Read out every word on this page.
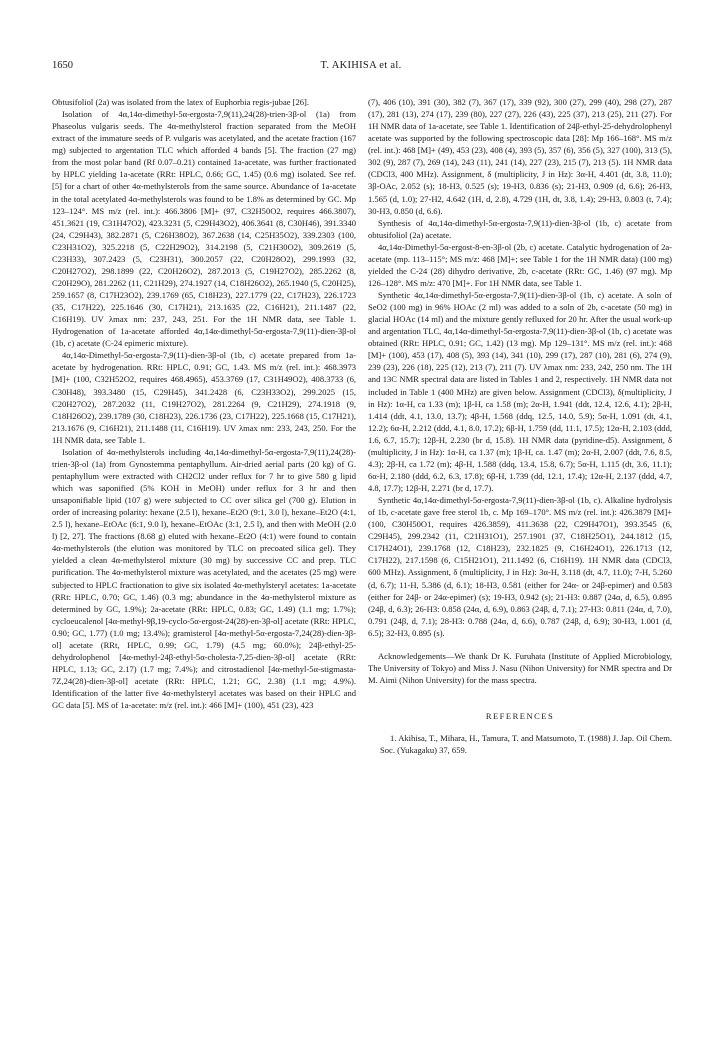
1650	T. AKIHISA et al.

Obtusifoliol (2a) was isolated from the latex of Euphorbia regis-jubae [26].

Isolation of 4α,14α-dimethyl-5α-ergosta-7,9(11),24(28)-trien-3β-ol (1a) from Phaseolus vulgaris seeds. The 4α-methylsterol fraction separated from the MeOH extract of the immature seeds of P. vulgaris was acetylated, and the acetate fraction (167 mg) subjected to argentation TLC which afforded 4 bands [5]. The fraction (27 mg) from the most polar band (Rf 0.07–0.21) contained 1a-acetate, was further fractionated by HPLC yielding 1a-acetate (RRt: HPLC, 0.66; GC, 1.45) (0.6 mg) isolated. See ref. [5] for a chart of other 4α-methylsterols from the same source. Abundance of 1a-acetate in the total acetylated 4α-methylsterols was found to be 1.8% as determined by GC. Mp 123–124°. MS m/z (rel. int.): 466.3806 [M]+ (97, C32H50O2, requires 466.3807), 451.3621 (19, C31H47O2), 423.3231 (5, C29H43O2), 406.3641 (8, C30H46), 391.3340 (24, C29H43), 382.2871 (5, C26H38O2), 367.2638 (14, C25H35O2), 339.2303 (100, C23H31O2), 325.2218 (5, C22H29O2), 314.2198 (5, C21H30O2), 309.2619 (5, C23H33), 307.2423 (5, C23H31), 300.2057 (22, C20H28O2), 299.1993 (32, C20H27O2), 298.1899 (22, C20H26O2), 287.2013 (5, C19H27O2), 285.2262 (8, C20H29O), 281.2262 (11, C21H29), 274.1927 (14, C18H26O2), 265.1940 (5, C20H25), 259.1657 (8, C17H23O2), 239.1769 (65, C18H23), 227.1779 (22, C17H23), 226.1723 (35, C17H22), 225.1646 (30, C17H21), 213.1635 (22, C16H21), 211.1487 (22, C16H19). UV λmax nm: 237, 243, 251. For the 1H NMR data, see Table 1. Hydrogenation of 1a-acetate afforded 4α,14α-dimethyl-5α-ergosta-7,9(11)-dien-3β-ol (1b, c) acetate (C-24 epimeric mixture).

4α,14α-Dimethyl-5α-ergosta-7,9(11)-dien-3β-ol (1b, c) acetate prepared from 1a-acetate by hydrogenation. RRt: HPLC, 0.91; GC, 1.43. MS m/z (rel. int.): 468.3973 [M]+ (100, C32H52O2, requires 468.4965), 453.3769 (17, C31H49O2), 408.3733 (6, C30H48), 393.3480 (15, C29H45), 341.2428 (6, C23H33O2), 299.2025 (15, C20H27O2), 287.2032 (11, C19H27O2), 281.2264 (9, C21H29), 274.1918 (9, C18H26O2), 239.1789 (30, C18H23), 226.1736 (23, C17H22), 225.1668 (15, C17H21), 213.1676 (9, C16H21), 211.1488 (11, C16H19). UV λmax nm: 233, 243, 250. For the 1H NMR data, see Table 1.

Isolation of 4α-methylsterols including 4α,14α-dimethyl-5α-ergosta-7,9(11),24(28)-trien-3β-ol (1a) from Gynostemma pentaphyllum. Air-dried aerial parts (20 kg) of G. pentaphyllum were extracted with CH2Cl2 under reflux for 7 hr to give 580 g lipid which was saponified (5% KOH in MeOH) under reflux for 3 hr and then unsaponifiable lipid (107 g) were subjected to CC over silica gel (700 g). Elution in order of increasing polarity: hexane (2.5 l), hexane–Et2O (9:1, 3.0 l), hexane–Et2O (4:1, 2.5 l), hexane–EtOAc (6:1, 9.0 l), hexane–EtOAc (3:1, 2.5 l), and then with MeOH (2.0 l) [2, 27]. The fractions (8.68 g) eluted with hexane–Et2O (4:1) were found to contain 4α-methylsterols (the elution was monitored by TLC on precoated silica gel). They yielded a clean 4α-methylsterol mixture (30 mg) by successive CC and prep. TLC purification. The 4α-methylsterol mixture was acetylated, and the acetates (25 mg) were subjected to HPLC fractionation to give six isolated 4α-methylsteryl acetates: 1a-acetate (RRt: HPLC, 0.70; GC, 1.46) (0.3 mg; abundance in the 4α-methylsterol mixture as determined by GC, 1.9%); 2a-acetate (RRt: HPLC, 0.83; GC, 1.49) (1.1 mg; 1.7%); cycloeucalenol [4α-methyl-9β,19-cyclo-5α-ergost-24(28)-en-3β-ol] acetate (RRt: HPLC, 0.90; GC, 1.77) (1.0 mg; 13.4%); gramisterol [4α-methyl-5α-ergosta-7,24(28)-dien-3β-ol] acetate (RRt, HPLC, 0.99; GC, 1.79) (4.5 mg; 60.0%); 24β-ethyl-25-dehydrolophenol [4α-methyl-24β-ethyl-5α-cholesta-7,25-dien-3β-ol] acetate (RRt: HPLC, 1.13; GC, 2.17) (1.7 mg; 7.4%); and citrostadienol [4α-methyl-5α-stigmasta-7Z,24(28)-dien-3β-ol] acetate (RRt: HPLC, 1.21; GC, 2.38) (1.1 mg; 4.9%). Identification of the latter five 4α-methylsteryl acetates was based on their HPLC and GC data [5]. MS of 1a-acetate: m/z (rel. int.): 466 [M]+ (100), 451 (23), 423

(7), 406 (10), 391 (30), 382 (7), 367 (17), 339 (92), 300 (27), 299 (40), 298 (27), 287 (17), 281 (13), 274 (17), 239 (80), 227 (27), 226 (43), 225 (37), 213 (25), 211 (27). For 1H NMR data of 1a-acetate, see Table 1. Identification of 24β-ethyl-25-dehydrolophenyl acetate was supported by the following spectroscopic data [28]: Mp 166–168°. MS m/z (rel. int.): 468 [M]+ (49), 453 (23), 408 (4), 393 (5), 357 (6), 356 (5), 327 (100), 313 (5), 302 (9), 287 (7), 269 (14), 243 (11), 241 (14), 227 (23), 215 (7), 213 (5). 1H NMR data (CDCl3, 400 MHz). Assignment, δ (multiplicity, J in Hz): 3α-H, 4.401 (dt, 3.8, 11.0); 3β-OAc, 2.052 (s); 18-H3, 0.525 (s); 19-H3, 0.836 (s); 21-H3, 0.909 (d, 6.6); 26-H3, 1.565 (d, 1.0); 27-H2, 4.642 (1H, d, 2.8), 4.729 (1H, dt, 3.8, 1.4); 29-H3, 0.803 (t, 7.4); 30-H3, 0.850 (d, 6.6).

Synthesis of 4α,14α-dimethyl-5α-ergosta-7,9(11)-dien-3β-ol (1b, c) acetate from obtusifoliol (2a) acetate.

4α,14α-Dimethyl-5α-ergost-8-en-3β-ol (2b, c) acetate. Catalytic hydrogenation of 2a-acetate (mp. 113–115°; MS m/z: 468 [M]+; see Table 1 for the 1H NMR data) (100 mg) yielded the C-24 (28) dihydro derivative, 2b, c-acetate (RRt: GC, 1.46) (97 mg). Mp 126–128°. MS m/z: 470 [M]+. For 1H NMR data, see Table 1.

Synthetic 4α,14α-dimethyl-5α-ergosta-7,9(11)-dien-3β-ol (1b, c) acetate. A soln of SeO2 (100 mg) in 96% HOAc (2 ml) was added to a soln of 2b, c-acetate (50 mg) in glacial HOAc (14 ml) and the mixture gently refluxed for 20 hr. After the usual work-up and argentation TLC, 4α,14α-dimethyl-5α-ergosta-7,9(11)-dien-3β-ol (1b, c) acetate was obtained (RRt: HPLC, 0.91; GC, 1.42) (13 mg). Mp 129–131°. MS m/z (rel. int.): 468 [M]+ (100), 453 (17), 408 (5), 393 (14), 341 (10), 299 (17), 287 (10), 281 (6), 274 (9), 239 (23), 226 (18), 225 (12), 213 (7), 211 (7). UV λmax nm: 233, 242, 250 nm. The 1H and 13C NMR spectral data are listed in Tables 1 and 2, respectively. 1H NMR data not included in Table 1 (400 MHz) are given below. Assignment (CDCl3), δ(multiplicity, J in Hz): 1α-H, ca 1.33 (m); 1β-H, ca 1.58 (m); 2α-H, 1.941 (ddt, 12.4, 12.6, 4.1); 2β-H, 1.414 (ddt, 4.1, 13.0, 13.7); 4β-H, 1.568 (ddq, 12.5, 14.0, 5.9); 5α-H, 1.091 (dt, 4.1, 12.2); 6α-H, 2.212 (ddd, 4.1, 8.0, 17.2); 6β-H, 1.759 (dd, 11.1, 17.5); 12α-H, 2.103 (ddd, 1.6, 6.7, 15.7); 12β-H, 2.230 (br d, 15.8). 1H NMR data (pyridine-d5). Assignment, δ (multiplicity, J in Hz): 1α-H, ca 1.37 (m); 1β-H, ca. 1.47 (m); 2α-H, 2.007 (ddt, 7.6, 8.5, 4.3); 2β-H, ca 1.72 (m); 4β-H, 1.588 (ddq, 13.4, 15.8, 6.7); 5α-H, 1.115 (dt, 3.6, 11.1); 6α-H, 2.180 (ddd, 6.2, 6.3, 17.8); 6β-H, 1.739 (dd, 12.1, 17.4); 12α-H, 2.137 (ddd, 4.7, 4.8, 17.7); 12β-H, 2.271 (br d, 17.7).

Synthetic 4α,14α-dimethyl-5α-ergosta-7,9(11)-dien-3β-ol (1b, c). Alkaline hydrolysis of 1b, c-acetate gave free sterol 1b, c. Mp 169–170°. MS m/z (rel. int.): 426.3879 [M]+ (100, C30H50O1, requires 426.3859), 411.3638 (22, C29H47O1), 393.3545 (6, C29H45), 299.2342 (11, C21H31O1), 257.1901 (37, C18H25O1), 244.1812 (15, C17H24O1), 239.1768 (12, C18H23), 232.1825 (9, C16H24O1), 226.1713 (12, C17H22), 217.1598 (6, C15H21O1), 211.1492 (6, C16H19). 1H NMR data (CDCl3, 600 MHz). Assignment, δ (multiplicity, J in Hz): 3α-H, 3.118 (dt, 4.7, 11.0); 7-H, 5.260 (d, 6.7); 11-H, 5.386 (d, 6.1); 18-H3, 0.581 (either for 24α- or 24β-epimer) and 0.583 (either for 24β- or 24α-epimer) (s); 19-H3, 0.942 (s); 21-H3: 0.887 (24α, d, 6.5), 0.895 (24β, d, 6.3); 26-H3: 0.858 (24α, d, 6.9), 0.863 (24β, d, 7.1); 27-H3: 0.811 (24α, d, 7.0), 0.791 (24β, d, 7.1); 28-H3: 0.788 (24α, d, 6.6), 0.787 (24β, d, 6.9); 30-H3, 1.001 (d, 6.5); 32-H3, 0.895 (s).

Acknowledgements—We thank Dr K. Furuhata (Institute of Applied Microbiology, The University of Tokyo) and Miss J. Nasu (Nihon University) for NMR spectra and Dr M. Aimi (Nihon University) for the mass spectra.

REFERENCES

1. Akihisa, T., Mihara, H., Tamura, T. and Matsumoto, T. (1988) J. Jap. Oil Chem. Soc. (Yukagaku) 37, 659.
